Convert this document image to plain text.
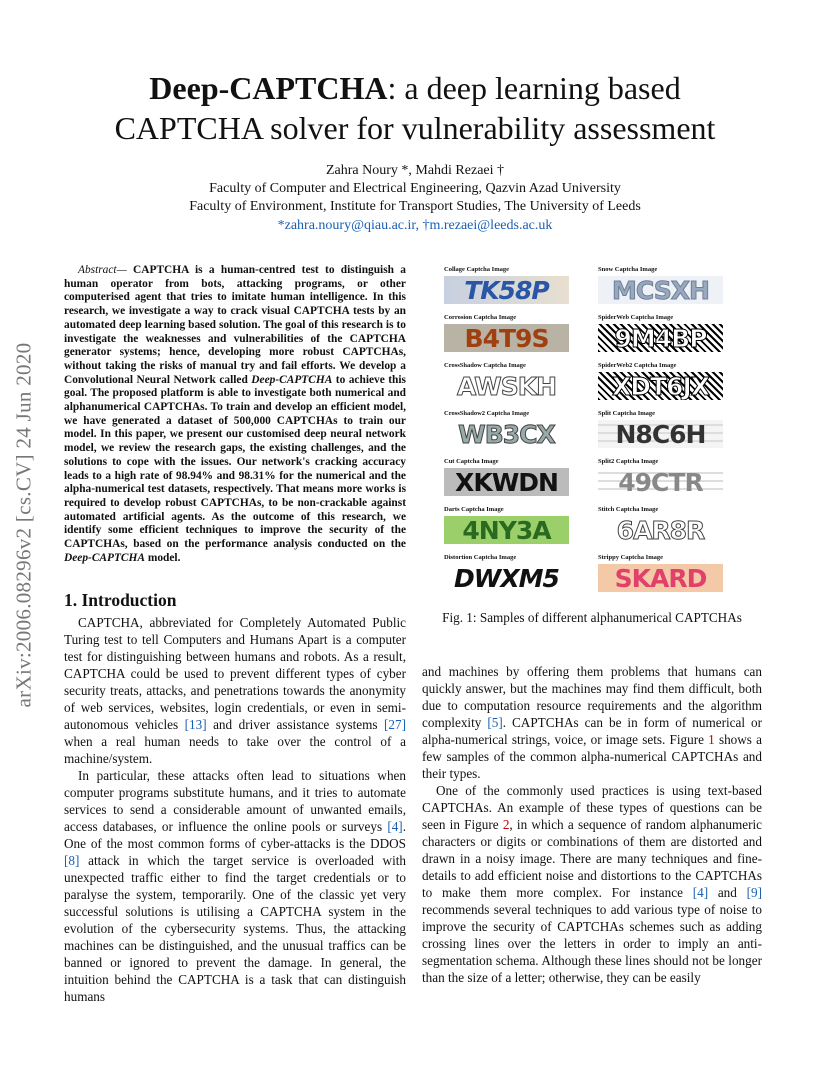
arXiv:2006.08296v2 [cs.CV] 24 Jun 2020
Deep-CAPTCHA: a deep learning based
CAPTCHA solver for vulnerability assessment
Zahra Noury *, Mahdi Rezaei †
Faculty of Computer and Electrical Engineering, Qazvin Azad University
Faculty of Environment, Institute for Transport Studies, The University of Leeds
*zahra.noury@qiau.ac.ir, †m.rezaei@leeds.ac.uk
Abstract— CAPTCHA is a human-centred test to distinguish a human operator from bots, attacking programs, or other computerised agent that tries to imitate human intelligence. In this research, we investigate a way to crack visual CAPTCHA tests by an automated deep learning based solution. The goal of this research is to investigate the weaknesses and vulnerabilities of the CAPTCHA generator systems; hence, developing more robust CAPTCHAs, without taking the risks of manual try and fail efforts. We develop a Convolutional Neural Network called Deep-CAPTCHA to achieve this goal. The proposed platform is able to investigate both numerical and alphanumerical CAPTCHAs. To train and develop an efficient model, we have generated a dataset of 500,000 CAPTCHAs to train our model. In this paper, we present our customised deep neural network model, we review the research gaps, the existing challenges, and the solutions to cope with the issues. Our network's cracking accuracy leads to a high rate of 98.94% and 98.31% for the numerical and the alpha-numerical test datasets, respectively. That means more works is required to develop robust CAPTCHAs, to be non-crackable against automated artificial agents. As the outcome of this research, we identify some efficient techniques to improve the security of the CAPTCHAs, based on the performance analysis conducted on the Deep-CAPTCHA model.
1. Introduction

CAPTCHA, abbreviated for Completely Automated Public Turing test to tell Computers and Humans Apart is a computer test for distinguishing between humans and robots. As a result, CAPTCHA could be used to prevent different types of cyber security treats, attacks, and penetrations towards the anonymity of web services, websites, login credentials, or even in semi-autonomous vehicles [13] and driver assistance systems [27] when a real human needs to take over the control of a machine/system.

In particular, these attacks often lead to situations when computer programs substitute humans, and it tries to automate services to send a considerable amount of unwanted emails, access databases, or influence the online pools or surveys [4]. One of the most common forms of cyber-attacks is the DDOS [8] attack in which the target service is overloaded with unexpected traffic either to find the target credentials or to paralyse the system, temporarily. One of the classic yet very successful solutions is utilising a CAPTCHA system in the evolution of the cybersecurity systems. Thus, the attacking machines can be distinguished, and the unusual traffics can be banned or ignored to prevent the damage. In general, the intuition behind the CAPTCHA is a task that can distinguish humans

Collage Captcha Image
TK58P
Snow Captcha Image
MCSXH
Corrosion Captcha Image
B4T9S
SpiderWeb Captcha Image
9M4BP
CrossShadow Captcha Image
AWSKH
SpiderWeb2 Captcha Image
XDT6JX
CrossShadow2 Captcha Image
WB3CX
Split Captcha Image
N8C6H
Cut Captcha Image
XKWDN
Split2 Captcha Image
49CTR
Darts Captcha Image
4NY3A
Stitch Captcha Image
6AR8R
Distortion Captcha Image
DWXM5
Strippy Captcha Image
SKARD
Fig. 1: Samples of different alphanumerical CAPTCHAs

and machines by offering them problems that humans can quickly answer, but the machines may find them difficult, both due to computation resource requirements and the algorithm complexity [5]. CAPTCHAs can be in form of numerical or alpha-numerical strings, voice, or image sets. Figure 1 shows a few samples of the common alpha-numerical CAPTCHAs and their types.

One of the commonly used practices is using text-based CAPTCHAs. An example of these types of questions can be seen in Figure 2, in which a sequence of random alphanumeric characters or digits or combinations of them are distorted and drawn in a noisy image. There are many techniques and fine-details to add efficient noise and distortions to the CAPTCHAs to make them more complex. For instance [4] and [9] recommends several techniques to add various type of noise to improve the security of CAPTCHAs schemes such as adding crossing lines over the letters in order to imply an anti-segmentation schema. Although these lines should not be longer than the size of a letter; otherwise, they can be easily
